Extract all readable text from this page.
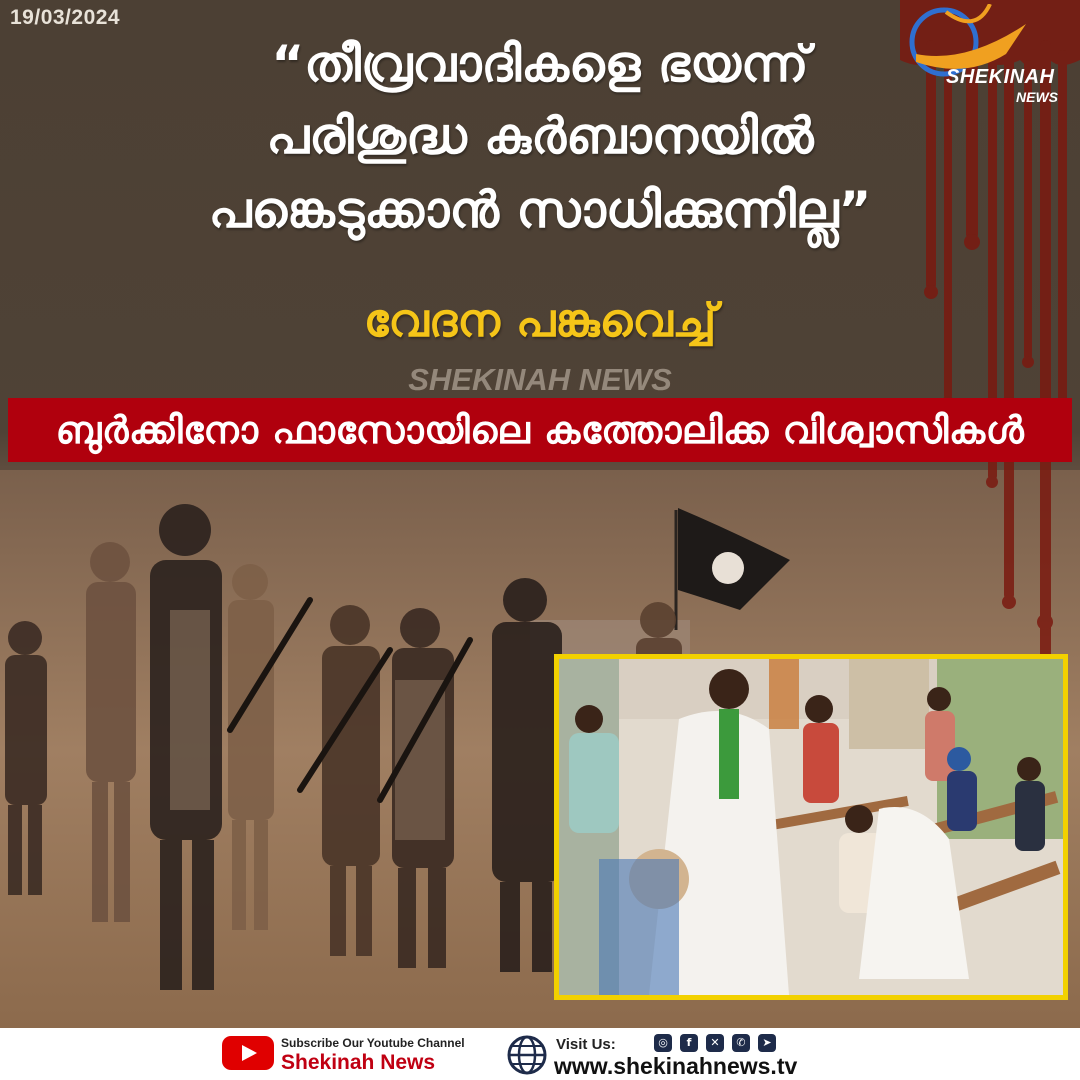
SHEKINAH
NEWS
19/03/2024
“തീവ്രവാദികളെ ഭയന്ന്
പരിശുദ്ധ കുർബാനയിൽ
പങ്കെടുക്കാൻ സാധിക്കുന്നില്ല”
വേദന പങ്കുവെച്ച്
SHEKINAH NEWS
ബുർക്കിനോ ഫാസോയിലെ കത്തോലിക്ക വിശ്വാസികൾ
Subscribe Our Youtube Channel
Shekinah News
Visit Us:	◎	f	✕	✆	➤
www.shekinahnews.tv
